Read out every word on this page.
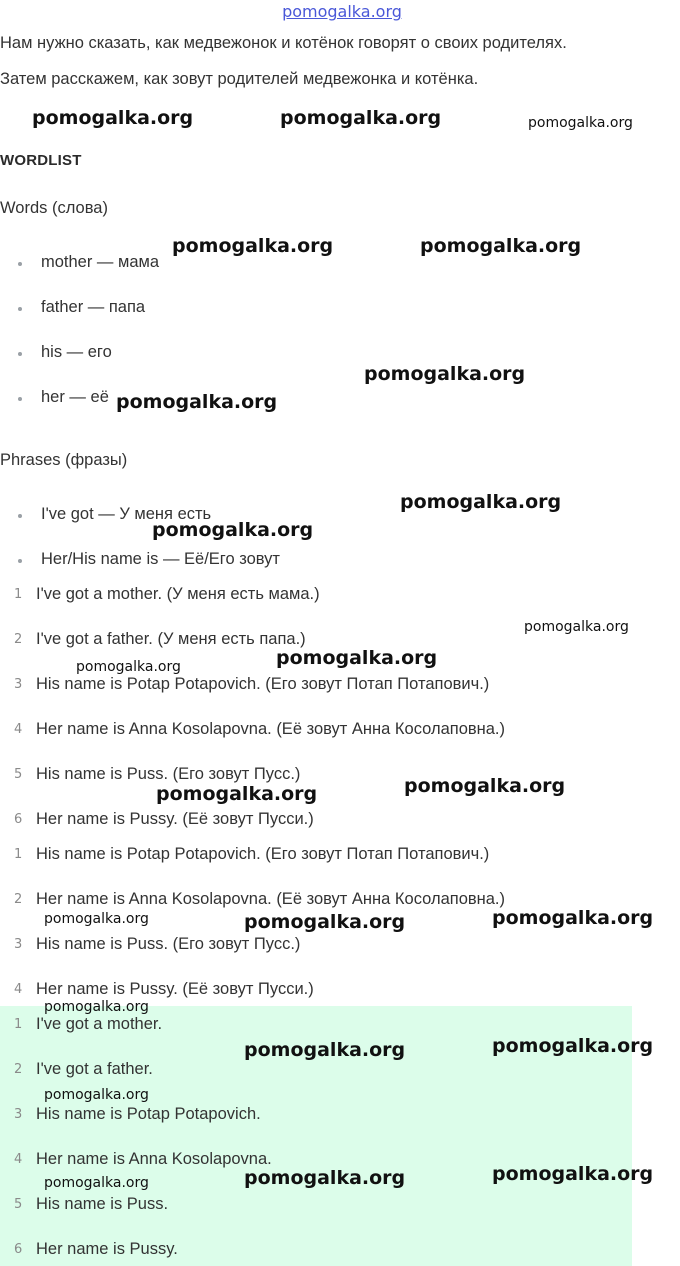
pomogalka.org
Нам нужно сказать, как медвежонок и котёнок говорят о своих родителях.
Затем расскажем, как зовут родителей медвежонка и котёнка.
WORDLIST
Words (слова)
mother — мама
father — папа
his — его
her — её
Phrases (фразы)
I've got — У меня есть
Her/His name is — Её/Его зовут
1 I've got a mother. (У меня есть мама.)
2 I've got a father. (У меня есть папа.)
3 His name is Potap Potapovich. (Его зовут Потап Потапович.)
4 Her name is Anna Kosolapovna. (Её зовут Анна Косолаповна.)
5 His name is Puss. (Его зовут Пусс.)
6 Her name is Pussy. (Её зовут Пусси.)
1 His name is Potap Potapovich. (Его зовут Потап Потапович.)
2 Her name is Anna Kosolapovna. (Её зовут Анна Косолаповна.)
3 His name is Puss. (Его зовут Пусс.)
4 Her name is Pussy. (Её зовут Пусси.)
1 I've got a mother.
2 I've got a father.
3 His name is Potap Potapovich.
4 Her name is Anna Kosolapovna.
5 His name is Puss.
6 Her name is Pussy.
pomogalka.org	pomogalka.org	pomogalka.org
pomogalka.org	pomogalka.org
pomogalka.org
pomogalka.org
pomogalka.org
pomogalka.org
pomogalka.org
pomogalka.org
pomogalka.org
pomogalka.org
pomogalka.org
pomogalka.org	pomogalka.org
pomogalka.org
pomogalka.org
pomogalka.org
pomogalka.org
pomogalka.org
pomogalka.org
pomogalka.org
pomogalka.org
